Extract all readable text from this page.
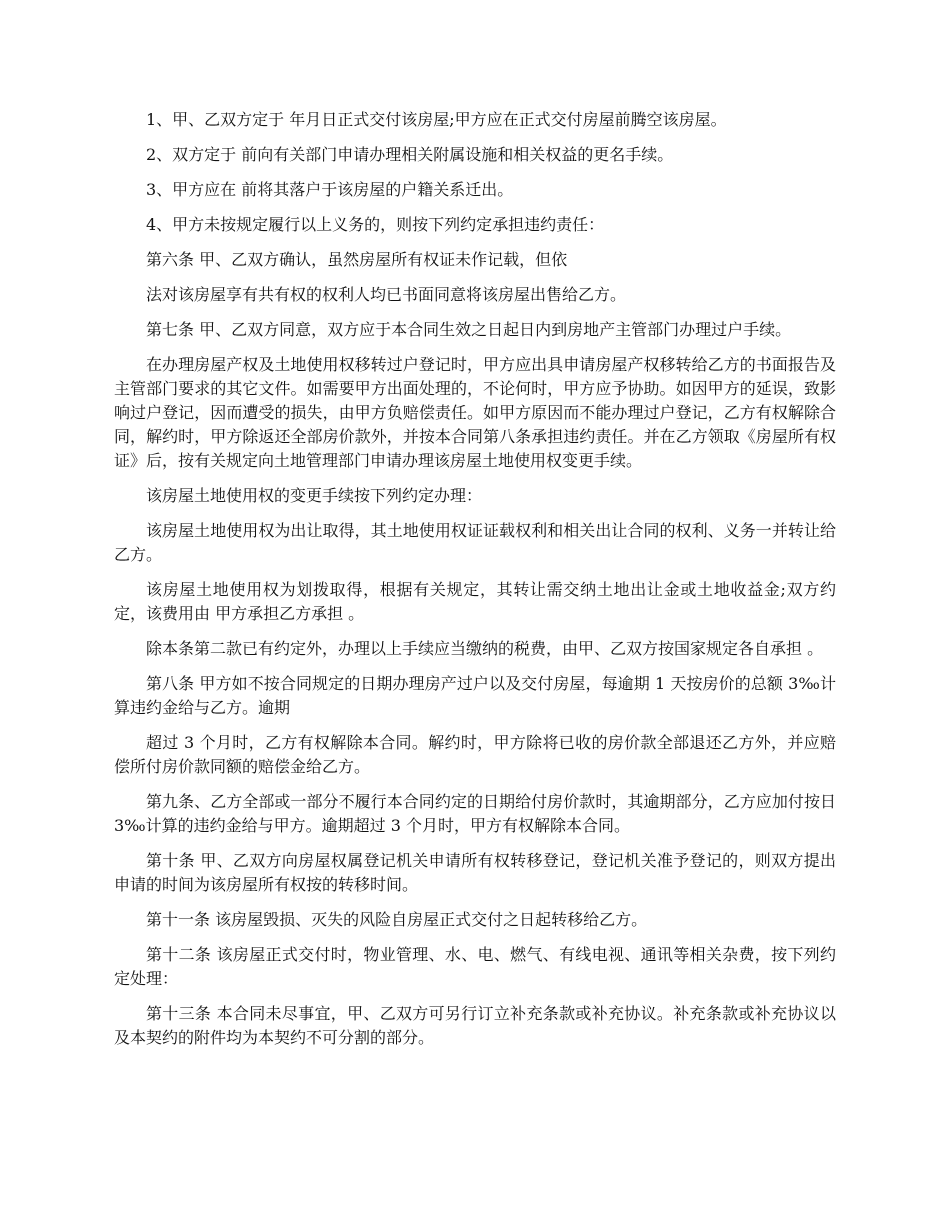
1、甲、乙双方定于 年月日正式交付该房屋;甲方应在正式交付房屋前腾空该房屋。

2、双方定于 前向有关部门申请办理相关附属设施和相关权益的更名手续。

3、甲方应在 前将其落户于该房屋的户籍关系迁出。

4、甲方未按规定履行以上义务的，则按下列约定承担违约责任：

第六条 甲、乙双方确认，虽然房屋所有权证未作记载，但依

法对该房屋享有共有权的权利人均已书面同意将该房屋出售给乙方。

第七条 甲、乙双方同意，双方应于本合同生效之日起日内到房地产主管部门办理过户手续。

在办理房屋产权及土地使用权移转过户登记时，甲方应出具申请房屋产权移转给乙方的书面报告及主管部门要求的其它文件。如需要甲方出面处理的，不论何时，甲方应予协助。如因甲方的延误，致影响过户登记，因而遭受的损失，由甲方负赔偿责任。如甲方原因而不能办理过户登记，乙方有权解除合同，解约时，甲方除返还全部房价款外，并按本合同第八条承担违约责任。并在乙方领取《房屋所有权证》后，按有关规定向土地管理部门申请办理该房屋土地使用权变更手续。

该房屋土地使用权的变更手续按下列约定办理：

该房屋土地使用权为出让取得，其土地使用权证证载权利和相关出让合同的权利、义务一并转让给乙方。

该房屋土地使用权为划拨取得，根据有关规定，其转让需交纳土地出让金或土地收益金;双方约定，该费用由 甲方承担乙方承担 。

除本条第二款已有约定外，办理以上手续应当缴纳的税费，由甲、乙双方按国家规定各自承担 。

第八条 甲方如不按合同规定的日期办理房产过户以及交付房屋，每逾期 1 天按房价的总额 3‰计算违约金给与乙方。逾期

超过 3 个月时，乙方有权解除本合同。解约时，甲方除将已收的房价款全部退还乙方外，并应赔偿所付房价款同额的赔偿金给乙方。

第九条、乙方全部或一部分不履行本合同约定的日期给付房价款时，其逾期部分，乙方应加付按日 3‰计算的违约金给与甲方。逾期超过 3 个月时，甲方有权解除本合同。

第十条 甲、乙双方向房屋权属登记机关申请所有权转移登记，登记机关准予登记的，则双方提出申请的时间为该房屋所有权按的转移时间。

第十一条 该房屋毁损、灭失的风险自房屋正式交付之日起转移给乙方。

第十二条 该房屋正式交付时，物业管理、水、电、燃气、有线电视、通讯等相关杂费，按下列约定处理：

第十三条 本合同未尽事宜，甲、乙双方可另行订立补充条款或补充协议。补充条款或补充协议以及本契约的附件均为本契约不可分割的部分。
